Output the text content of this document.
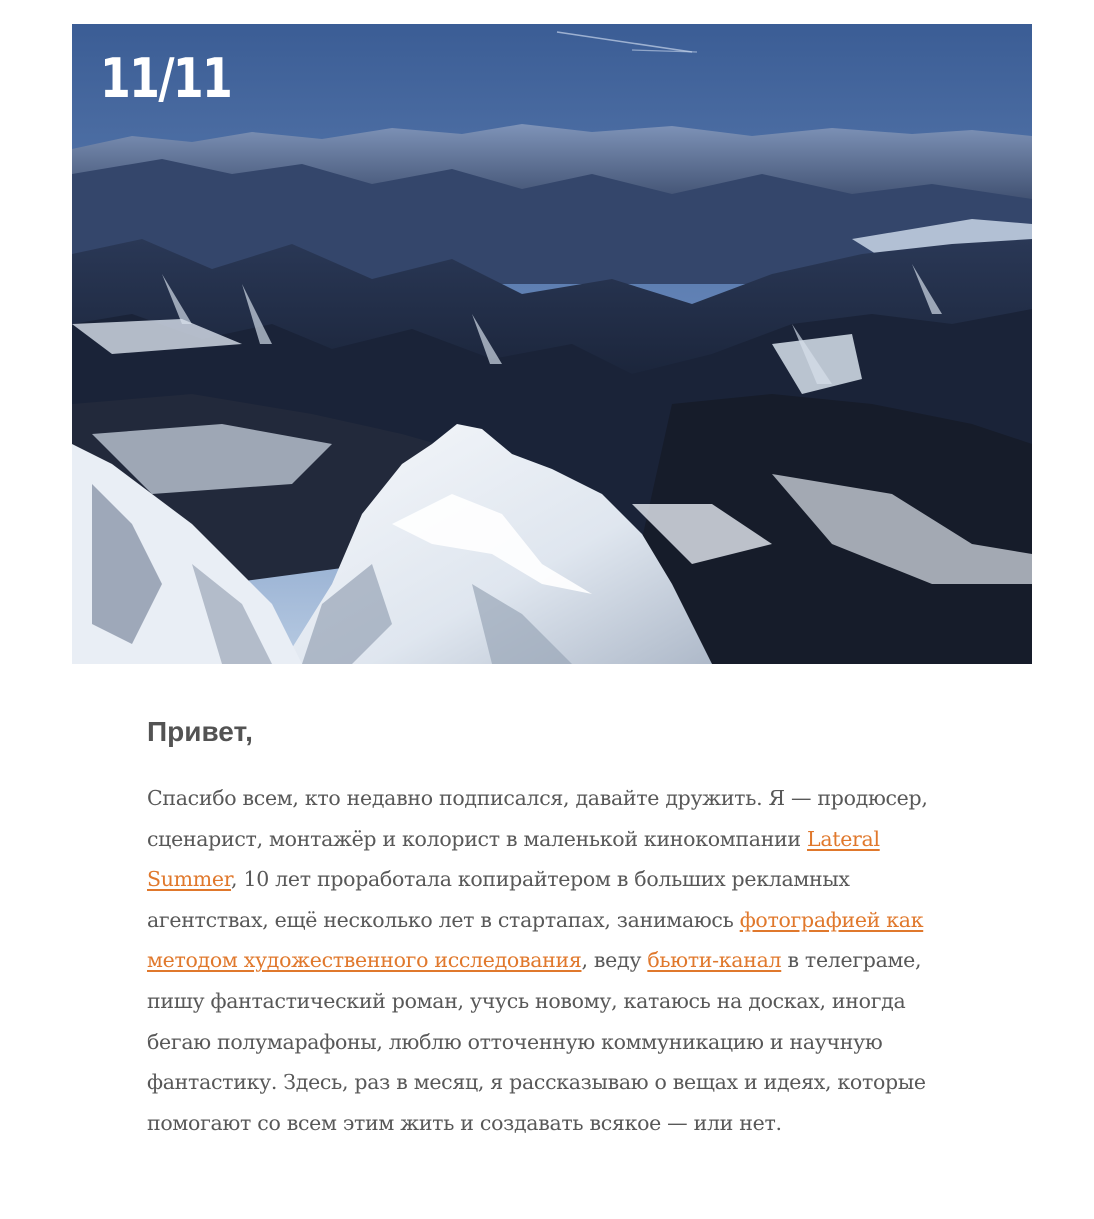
11/11
Привет,

Спасибо всем, кто недавно подписался, давайте дружить. Я — продюсер, сценарист, монтажёр и колорист в маленькой кинокомпании Lateral Summer, 10 лет проработала копирайтером в больших рекламных агентствах, ещё несколько лет в стартапах, занимаюсь фотографией как методом художественного исследования, веду бьюти-канал в телеграме, пишу фантастический роман, учусь новому, катаюсь на досках, иногда бегаю полумарафоны, люблю отточенную коммуникацию и научную фантастику. Здесь, раз в месяц, я рассказываю о вещах и идеях, которые помогают со всем этим жить и создавать всякое — или нет.
